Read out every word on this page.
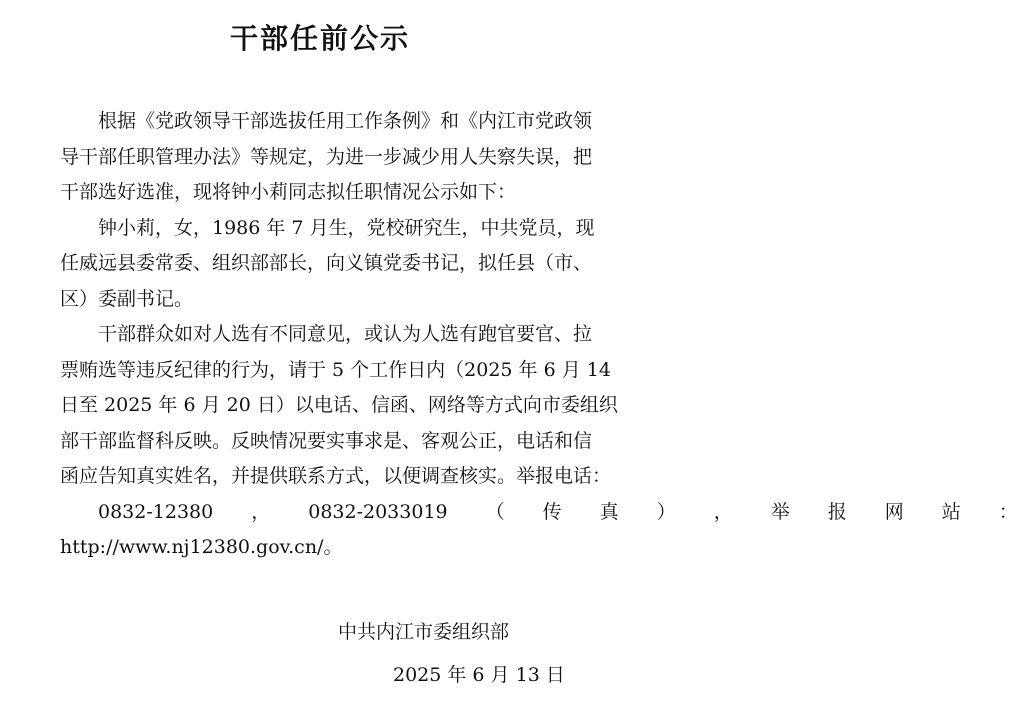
干部任前公示
根据《党政领导干部选拔任用工作条例》和《内江市党政领
导干部任职管理办法》等规定，为进一步减少用人失察失误，把
干部选好选准，现将钟小莉同志拟任职情况公示如下：
钟小莉，女，1986 年 7 月生，党校研究生，中共党员，现
任威远县委常委、组织部部长，向义镇党委书记，拟任县（市、
区）委副书记。
干部群众如对人选有不同意见，或认为人选有跑官要官、拉
票贿选等违反纪律的行为，请于 5 个工作日内（2025 年 6 月 14
日至 2025 年 6 月 20 日）以电话、信函、网络等方式向市委组织
部干部监督科反映。反映情况要实事求是、客观公正，电话和信
函应告知真实姓名，并提供联系方式，以便调查核实。举报电话：
0832-12380	，	0832-2033019	（	传	真	）	，	举	报	网	站	：
http://www.nj12380.gov.cn/。
中共内江市委组织部
2025 年 6 月 13 日
